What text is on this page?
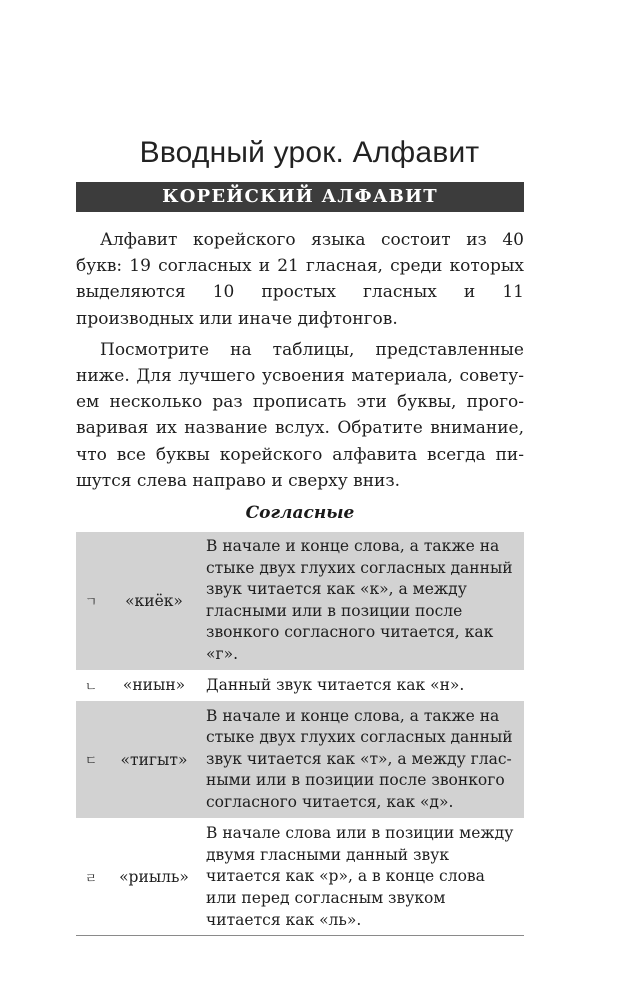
Вводный урок. Алфавит
КОРЕЙСКИЙ АЛФАВИТ

Алфавит корейского языка состоит из 40 букв: 19 согласных и 21 гласная, среди которых выделяются 10 простых гласных и 11 производных или иначе дифтонгов.

Посмотрите на таблицы, представленные ниже. Для лучшего усвоения материала, советуем несколько раз прописать эти буквы, проговаривая их название вслух. Обратите внимание, что все буквы корейского алфавита всегда пишутся слева направо и сверху вниз.

Согласные
ㄱ	«киёк»	В начале и конце слова, а также на стыке двух глухих согласных данный звук читается как «к», а между гласными или в позиции после звонкого согласного читается, как «г».
ㄴ	«ниын»	Данный звук читается как «н».
ㄷ	«тигыт»	В начале и конце слова, а также на стыке двух глухих согласных данный звук читается как «т», а между гласными или в позиции после звонкого согласного читается, как «д».
ㄹ	«риыль»	В начале слова или в позиции между двумя гласными данный звук читается как «р», а в конце слова или перед согласным звуком читается как «ль».
